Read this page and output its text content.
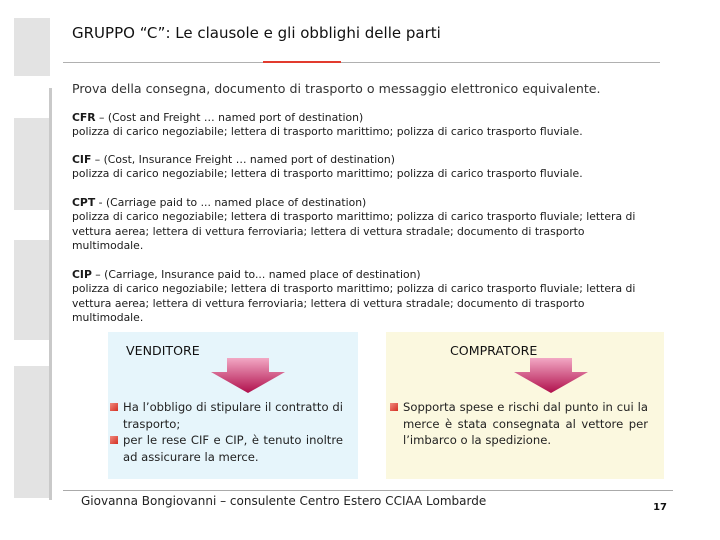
GRUPPO “C”: Le clausole e gli obblighi delle parti
Prova della consegna, documento di trasporto o messaggio elettronico equivalente.
CFR – (Cost and Freight … named port of destination)
polizza di carico negoziabile; lettera di trasporto marittimo; polizza di carico trasporto fluviale.
CIF – (Cost, Insurance Freight … named port of destination)
polizza di carico negoziabile; lettera di trasporto marittimo; polizza di carico trasporto fluviale.
CPT - (Carriage paid to ... named place of destination)
polizza di carico negoziabile; lettera di trasporto marittimo; polizza di carico trasporto fluviale; lettera di vettura aerea; lettera di vettura ferroviaria; lettera di vettura stradale; documento di trasporto multimodale.
CIP – (Carriage, Insurance paid to... named place of destination)
polizza di carico negoziabile; lettera di trasporto marittimo; polizza di carico trasporto fluviale; lettera di vettura aerea; lettera di vettura ferroviaria; lettera di vettura stradale; documento di trasporto multimodale.
VENDITORE
Ha l’obbligo di stipulare il contratto di trasporto;
per le rese CIF e CIP, è tenuto inoltre ad assicurare la merce.
COMPRATORE
Sopporta spese e rischi dal punto in cui la merce è stata consegnata al vettore per l’imbarco o la spedizione.
Giovanna Bongiovanni – consulente Centro Estero CCIAA Lombarde	17
